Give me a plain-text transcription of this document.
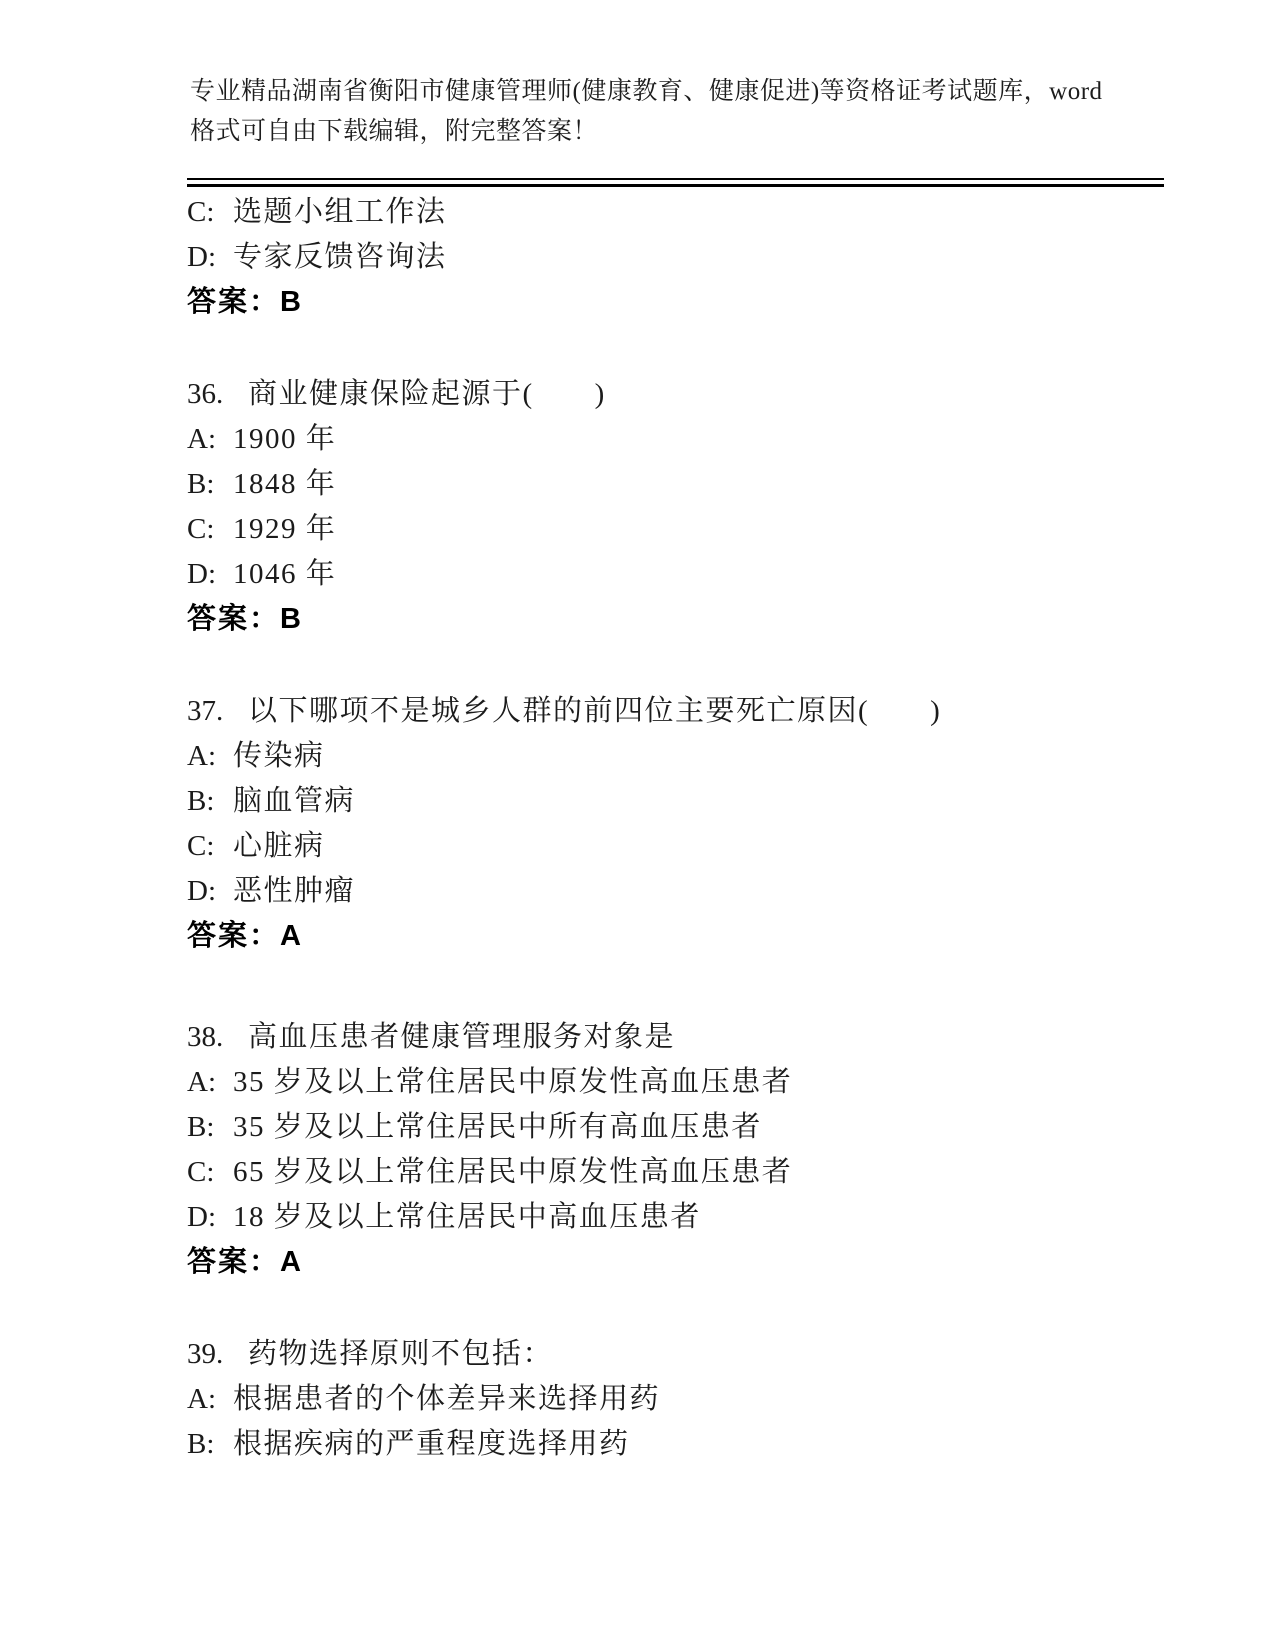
专业精品湖南省衡阳市健康管理师(健康教育、健康促进)等资格证考试题库，word
格式可自由下载编辑，附完整答案！
C: 选题小组工作法
D: 专家反馈咨询法
答案：B
36. 商业健康保险起源于(　　)
A: 1900 年
B: 1848 年
C: 1929 年
D: 1046 年
答案：B
37. 以下哪项不是城乡人群的前四位主要死亡原因(　　)
A: 传染病
B: 脑血管病
C: 心脏病
D: 恶性肿瘤
答案：A
38. 高血压患者健康管理服务对象是
A: 35 岁及以上常住居民中原发性高血压患者
B: 35 岁及以上常住居民中所有高血压患者
C: 65 岁及以上常住居民中原发性高血压患者
D: 18 岁及以上常住居民中高血压患者
答案：A
39. 药物选择原则不包括：
A: 根据患者的个体差异来选择用药
B: 根据疾病的严重程度选择用药
